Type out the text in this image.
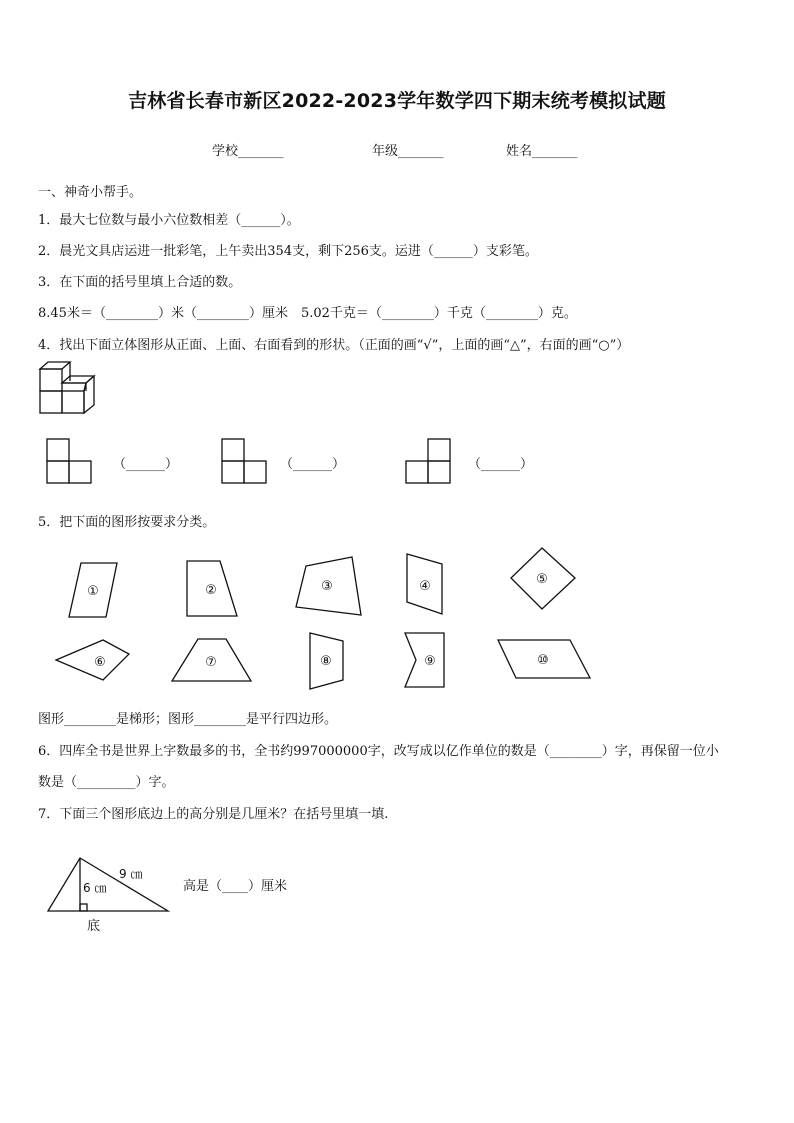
吉林省长春市新区2022-2023学年数学四下期末统考模拟试题
学校_______	年级_______	姓名_______
一、神奇小帮手。
1．最大七位数与最小六位数相差（______）。
2．晨光文具店运进一批彩笔，上午卖出354支，剩下256支。运进（______）支彩笔。
3．在下面的括号里填上合适的数。
8.45米＝（________）米（________）厘米　5.02千克＝（________）千克（________）克。
4．找出下面立体图形从正面、上面、右面看到的形状。（正面的画“√”，上面的画“△”，右面的画“○”）
（______）	（______）	（______）
5．把下面的图形按要求分类。
①	②	③	④	⑤
⑥	⑦	⑧	⑨	⑩
图形________是梯形；图形________是平行四边形。
6．四库全书是世界上字数最多的书，全书约997000000字，改写成以亿作单位的数是（________）字，再保留一位小
数是（_________）字。
7．下面三个图形底边上的高分别是几厘米？在括号里填一填.
9 ㎝
6 ㎝
底
高是（____）厘米
